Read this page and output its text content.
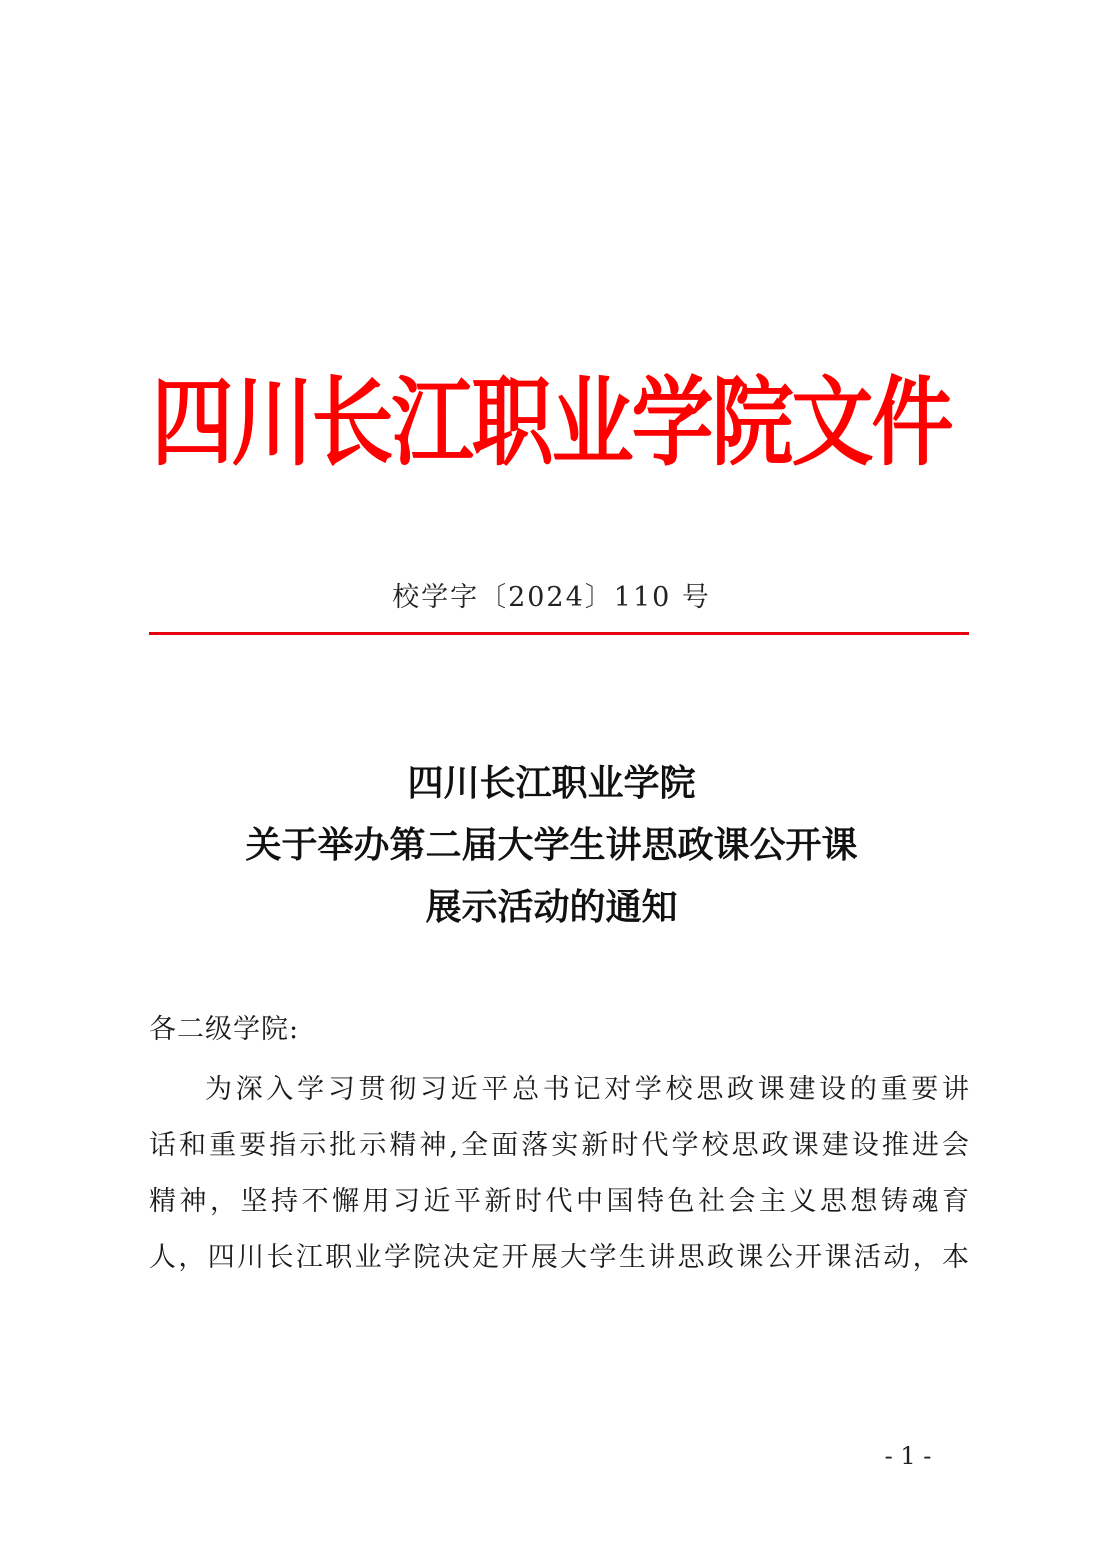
四川长江职业学院文件
校学字〔2024〕110 号
四川长江职业学院
关于举办第二届大学生讲思政课公开课
展示活动的通知
各二级学院:
为深入学习贯彻习近平总书记对学校思政课建设的重要讲
话和重要指示批示精神,全面落实新时代学校思政课建设推进会
精神，坚持不懈用习近平新时代中国特色社会主义思想铸魂育
人，四川长江职业学院决定开展大学生讲思政课公开课活动，本
- 1 -
